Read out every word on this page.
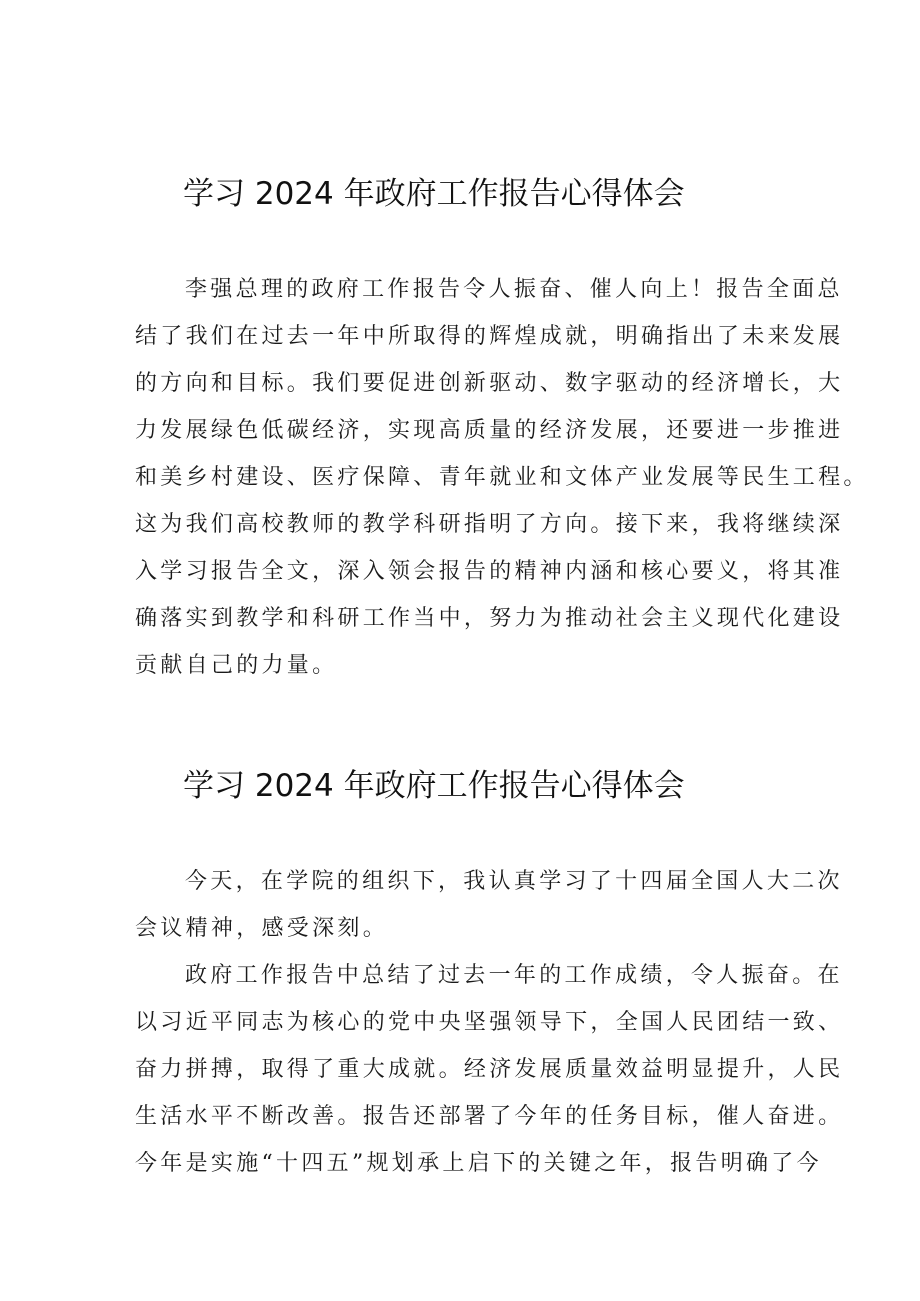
学习 2024 年政府工作报告心得体会

李强总理的政府工作报告令人振奋、催人向上！报告全面总
结了我们在过去一年中所取得的辉煌成就，明确指出了未来发展
的方向和目标。我们要促进创新驱动、数字驱动的经济增长，大
力发展绿色低碳经济，实现高质量的经济发展，还要进一步推进
和美乡村建设、医疗保障、青年就业和文体产业发展等民生工程。
这为我们高校教师的教学科研指明了方向。接下来，我将继续深
入学习报告全文，深入领会报告的精神内涵和核心要义，将其准
确落实到教学和科研工作当中，努力为推动社会主义现代化建设
贡献自己的力量。

学习 2024 年政府工作报告心得体会

今天，在学院的组织下，我认真学习了十四届全国人大二次
会议精神，感受深刻。

政府工作报告中总结了过去一年的工作成绩，令人振奋。在
以习近平同志为核心的党中央坚强领导下，全国人民团结一致、
奋力拼搏，取得了重大成就。经济发展质量效益明显提升，人民
生活水平不断改善。报告还部署了今年的任务目标，催人奋进。
今年是实施“十四五”规划承上启下的关键之年，报告明确了今
